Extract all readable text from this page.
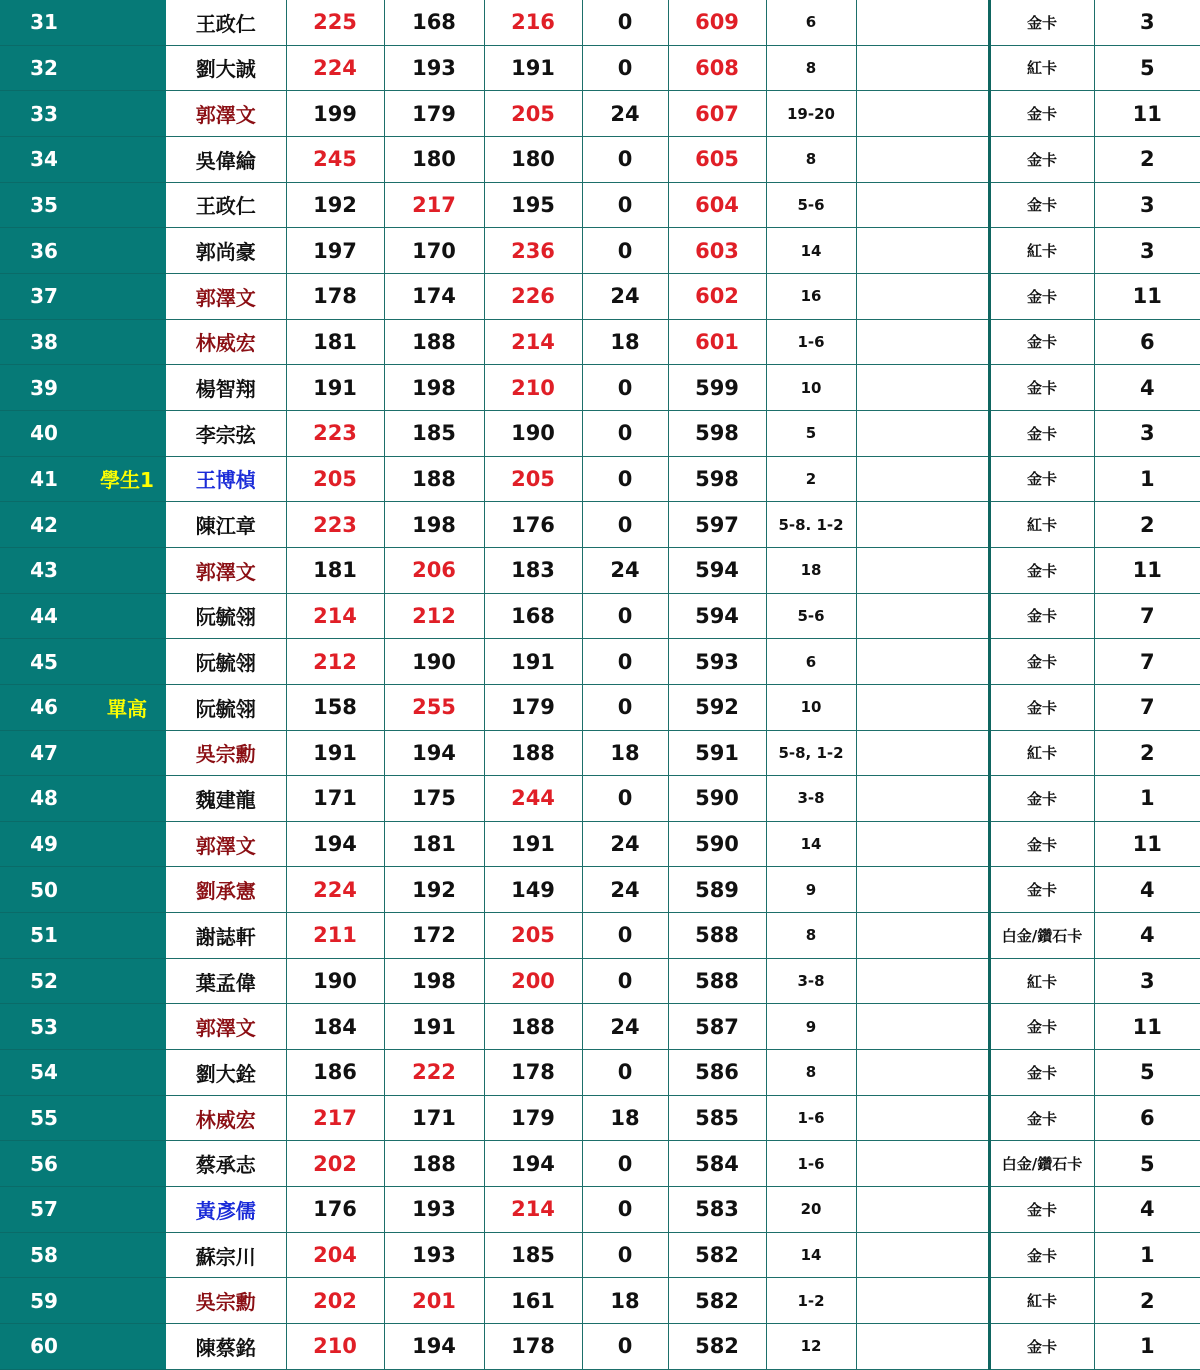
31		王政仁	225	168	216	0	609	6		金卡	3
32		劉大誠	224	193	191	0	608	8		紅卡	5
33		郭澤文	199	179	205	24	607	19-20		金卡	11
34		吳偉綸	245	180	180	0	605	8		金卡	2
35		王政仁	192	217	195	0	604	5-6		金卡	3
36		郭尚豪	197	170	236	0	603	14		紅卡	3
37		郭澤文	178	174	226	24	602	16		金卡	11
38		林威宏	181	188	214	18	601	1-6		金卡	6
39		楊智翔	191	198	210	0	599	10		金卡	4
40		李宗弦	223	185	190	0	598	5		金卡	3
41	學生1	王博楨	205	188	205	0	598	2		金卡	1
42		陳江章	223	198	176	0	597	5-8. 1-2		紅卡	2
43		郭澤文	181	206	183	24	594	18		金卡	11
44		阮毓翎	214	212	168	0	594	5-6		金卡	7
45		阮毓翎	212	190	191	0	593	6		金卡	7
46	單高	阮毓翎	158	255	179	0	592	10		金卡	7
47		吳宗勳	191	194	188	18	591	5-8, 1-2		紅卡	2
48		魏建龍	171	175	244	0	590	3-8		金卡	1
49		郭澤文	194	181	191	24	590	14		金卡	11
50		劉承憲	224	192	149	24	589	9		金卡	4
51		謝誌軒	211	172	205	0	588	8		白金/鑽石卡	4
52		葉孟偉	190	198	200	0	588	3-8		紅卡	3
53		郭澤文	184	191	188	24	587	9		金卡	11
54		劉大銓	186	222	178	0	586	8		金卡	5
55		林威宏	217	171	179	18	585	1-6		金卡	6
56		蔡承志	202	188	194	0	584	1-6		白金/鑽石卡	5
57		黃彥儒	176	193	214	0	583	20		金卡	4
58		蘇宗川	204	193	185	0	582	14		金卡	1
59		吳宗勳	202	201	161	18	582	1-2		紅卡	2
60		陳蔡銘	210	194	178	0	582	12		金卡	1
